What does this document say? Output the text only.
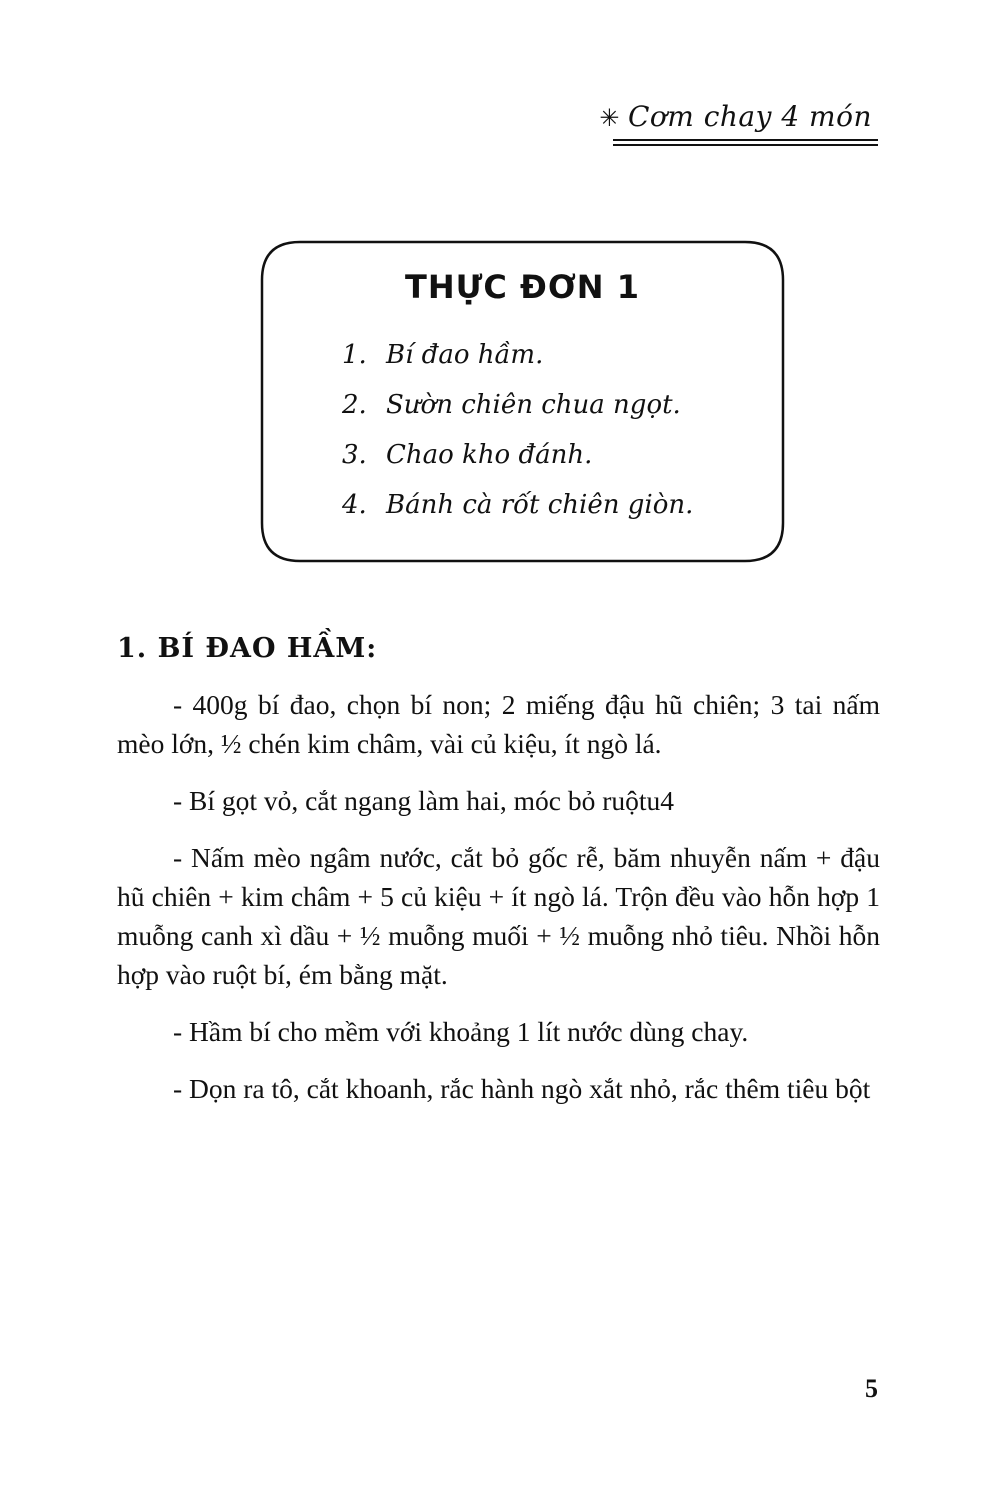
✳ Cơm chay 4 món
THỰC ĐƠN 1
1. Bí đao hầm.
2. Sườn chiên chua ngọt.
3. Chao kho đánh.
4. Bánh cà rốt chiên giòn.
1. BÍ ĐAO HẦM:

- 400g bí đao, chọn bí non; 2 miếng đậu hũ chiên; 3 tai nấm mèo lớn, ½ chén kim châm, vài củ kiệu, ít ngò lá.

- Bí gọt vỏ, cắt ngang làm hai, móc bỏ ruộtu4

- Nấm mèo ngâm nước, cắt bỏ gốc rễ, băm nhuyễn nấm + đậu hũ chiên + kim châm + 5 củ kiệu + ít ngò lá. Trộn đều vào hỗn hợp 1 muỗng canh xì dầu + ½ muỗng muối + ½ muỗng nhỏ tiêu. Nhồi hỗn hợp vào ruột bí, ém bằng mặt.

- Hầm bí cho mềm với khoảng 1 lít nước dùng chay.

- Dọn ra tô, cắt khoanh, rắc hành ngò xắt nhỏ, rắc thêm tiêu bột

5
